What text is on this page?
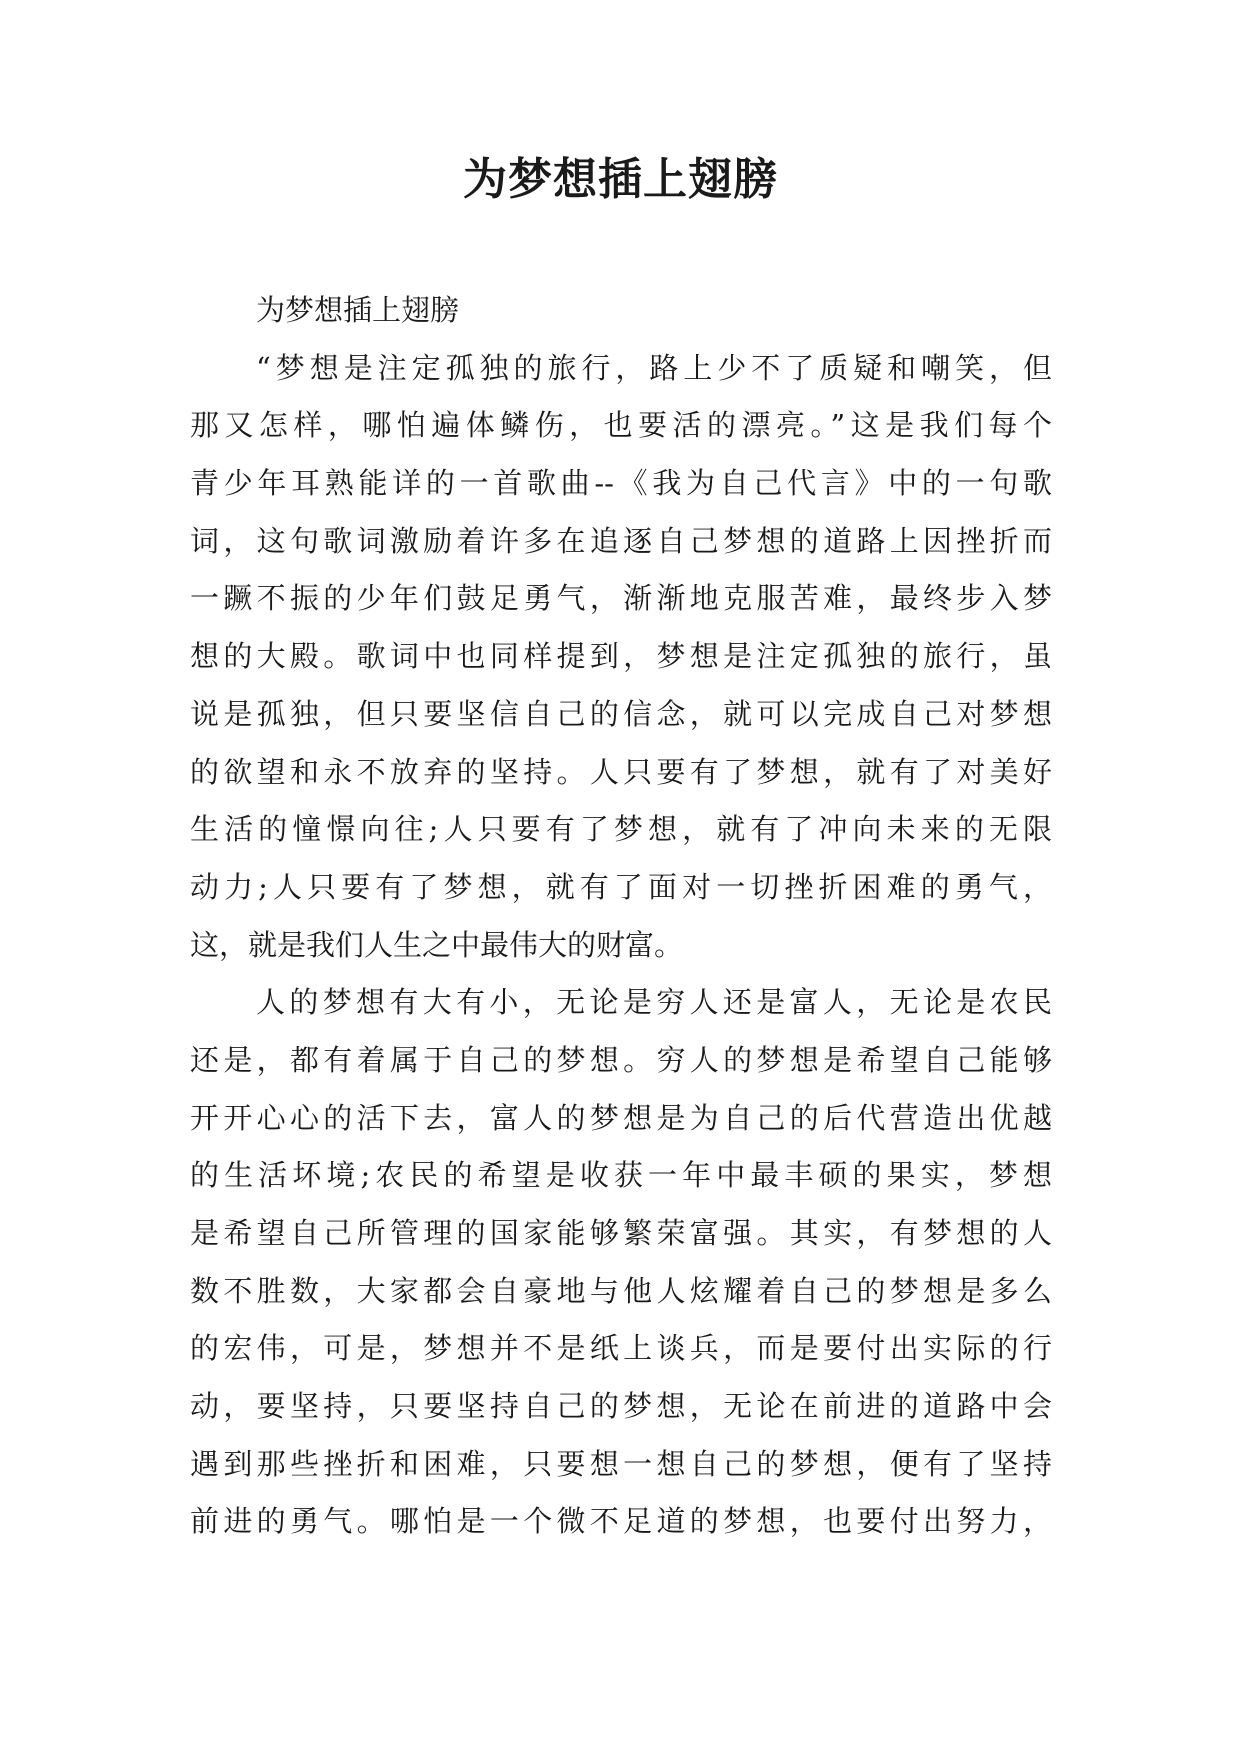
为梦想插上翅膀
为梦想插上翅膀
“梦想是注定孤独的旅行，路上少不了质疑和嘲笑，但
那又怎样，哪怕遍体鳞伤，也要活的漂亮。”这是我们每个
青少年耳熟能详的一首歌曲--《我为自己代言》中的一句歌
词，这句歌词激励着许多在追逐自己梦想的道路上因挫折而
一蹶不振的少年们鼓足勇气，渐渐地克服苦难，最终步入梦
想的大殿。歌词中也同样提到，梦想是注定孤独的旅行，虽
说是孤独，但只要坚信自己的信念，就可以完成自己对梦想
的欲望和永不放弃的坚持。人只要有了梦想，就有了对美好
生活的憧憬向往;人只要有了梦想，就有了冲向未来的无限
动力;人只要有了梦想，就有了面对一切挫折困难的勇气，
这，就是我们人生之中最伟大的财富。
人的梦想有大有小，无论是穷人还是富人，无论是农民
还是，都有着属于自己的梦想。穷人的梦想是希望自己能够
开开心心的活下去，富人的梦想是为自己的后代营造出优越
的生活坏境;农民的希望是收获一年中最丰硕的果实，梦想
是希望自己所管理的国家能够繁荣富强。其实，有梦想的人
数不胜数，大家都会自豪地与他人炫耀着自己的梦想是多么
的宏伟，可是，梦想并不是纸上谈兵，而是要付出实际的行
动，要坚持，只要坚持自己的梦想，无论在前进的道路中会
遇到那些挫折和困难，只要想一想自己的梦想，便有了坚持
前进的勇气。哪怕是一个微不足道的梦想，也要付出努力，
